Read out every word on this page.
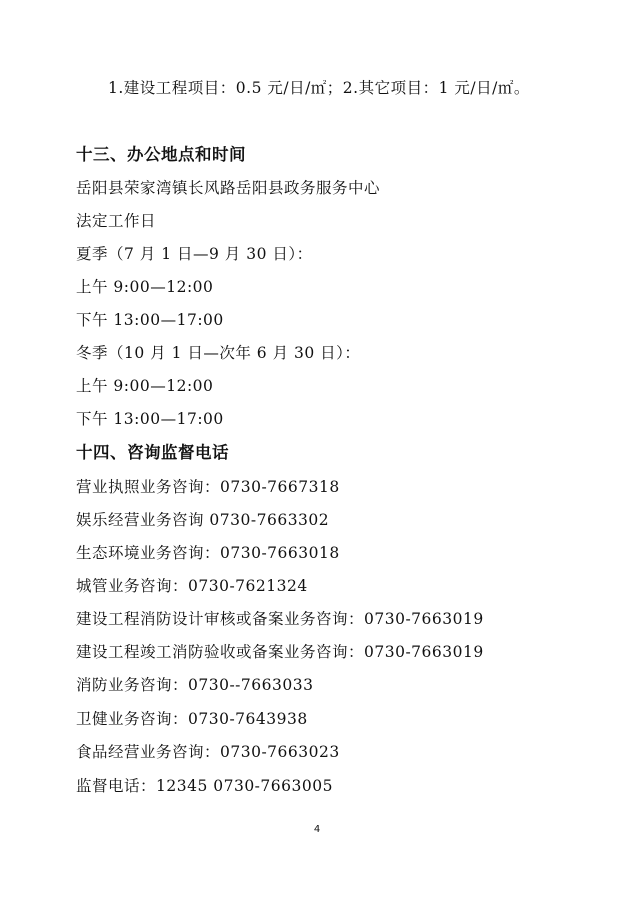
1.建设工程项目：0.5 元/日/㎡；2.其它项目：1 元/日/㎡。

十三、办公地点和时间

岳阳县荣家湾镇长风路岳阳县政务服务中心

法定工作日

夏季（7 月 1 日—9 月 30 日）：

上午 9:00—12:00

下午 13:00—17:00

冬季（10 月 1 日—次年 6 月 30 日）：

上午 9:00—12:00

下午 13:00—17:00

十四、咨询监督电话

营业执照业务咨询：0730-7667318

娱乐经营业务咨询 0730-7663302

生态环境业务咨询：0730-7663018

城管业务咨询：0730-7621324

建设工程消防设计审核或备案业务咨询：0730-7663019

建设工程竣工消防验收或备案业务咨询：0730-7663019

消防业务咨询：0730--7663033

卫健业务咨询：0730-7643938

食品经营业务咨询：0730-7663023

监督电话：12345 0730-7663005

4
